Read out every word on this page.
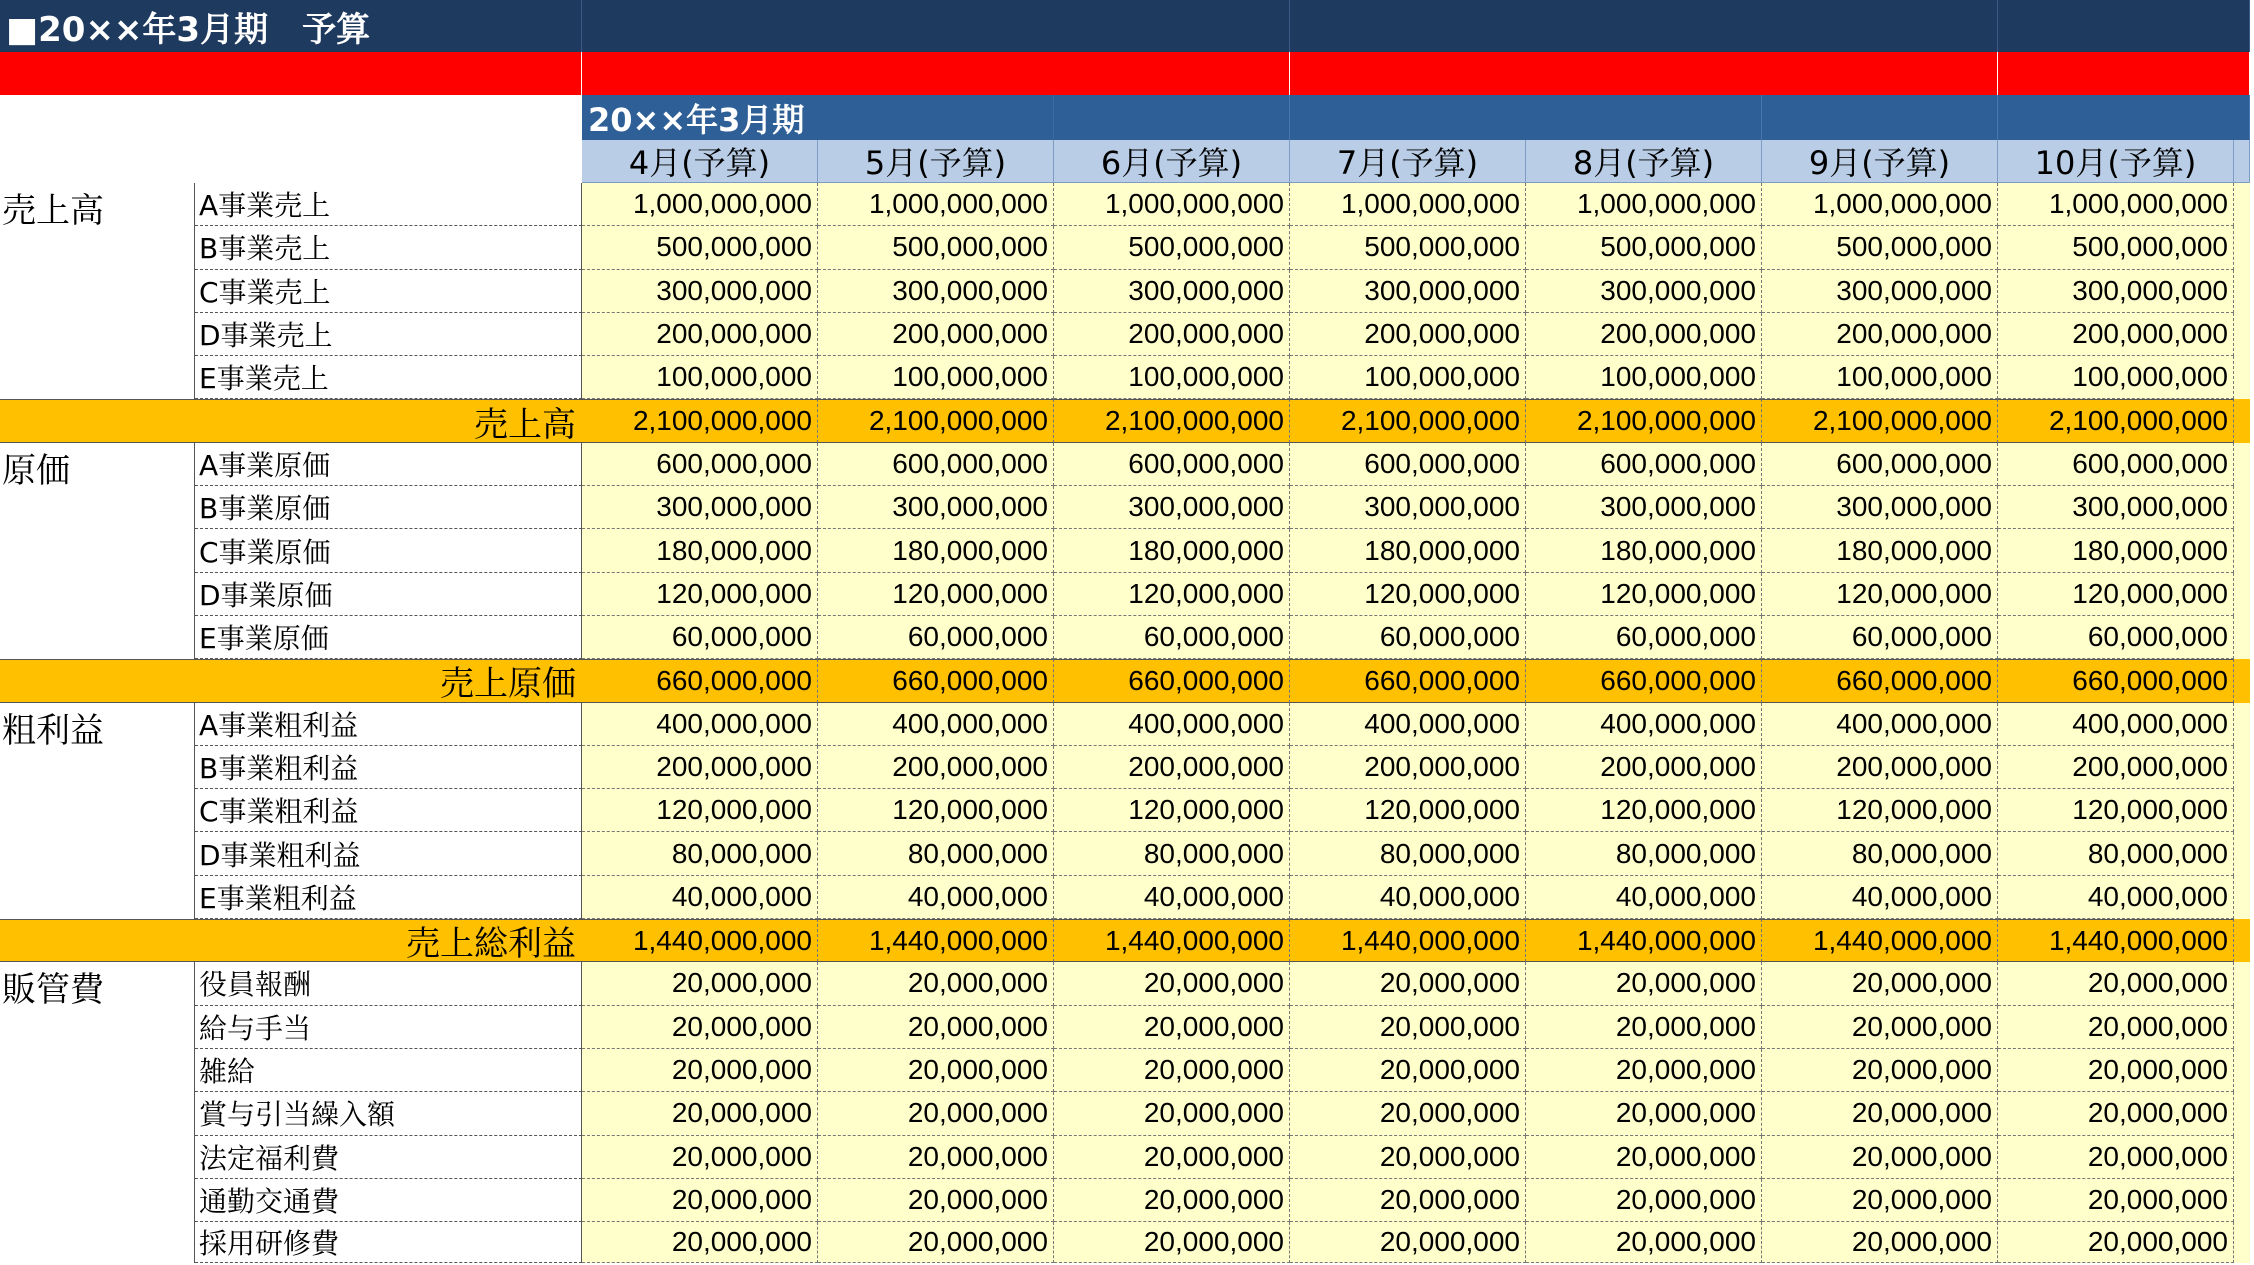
■20××年3月期　予算
20××年3月期
4月(予算)	5月(予算)	6月(予算)	7月(予算)	8月(予算)	9月(予算)	10月(予算)
売上高	A事業売上	1,000,000,000	1,000,000,000	1,000,000,000	1,000,000,000	1,000,000,000	1,000,000,000	1,000,000,000
B事業売上	500,000,000	500,000,000	500,000,000	500,000,000	500,000,000	500,000,000	500,000,000
C事業売上	300,000,000	300,000,000	300,000,000	300,000,000	300,000,000	300,000,000	300,000,000
D事業売上	200,000,000	200,000,000	200,000,000	200,000,000	200,000,000	200,000,000	200,000,000
E事業売上	100,000,000	100,000,000	100,000,000	100,000,000	100,000,000	100,000,000	100,000,000
売上高	2,100,000,000	2,100,000,000	2,100,000,000	2,100,000,000	2,100,000,000	2,100,000,000	2,100,000,000
原価	A事業原価	600,000,000	600,000,000	600,000,000	600,000,000	600,000,000	600,000,000	600,000,000
B事業原価	300,000,000	300,000,000	300,000,000	300,000,000	300,000,000	300,000,000	300,000,000
C事業原価	180,000,000	180,000,000	180,000,000	180,000,000	180,000,000	180,000,000	180,000,000
D事業原価	120,000,000	120,000,000	120,000,000	120,000,000	120,000,000	120,000,000	120,000,000
E事業原価	60,000,000	60,000,000	60,000,000	60,000,000	60,000,000	60,000,000	60,000,000
売上原価	660,000,000	660,000,000	660,000,000	660,000,000	660,000,000	660,000,000	660,000,000
粗利益	A事業粗利益	400,000,000	400,000,000	400,000,000	400,000,000	400,000,000	400,000,000	400,000,000
B事業粗利益	200,000,000	200,000,000	200,000,000	200,000,000	200,000,000	200,000,000	200,000,000
C事業粗利益	120,000,000	120,000,000	120,000,000	120,000,000	120,000,000	120,000,000	120,000,000
D事業粗利益	80,000,000	80,000,000	80,000,000	80,000,000	80,000,000	80,000,000	80,000,000
E事業粗利益	40,000,000	40,000,000	40,000,000	40,000,000	40,000,000	40,000,000	40,000,000
売上総利益	1,440,000,000	1,440,000,000	1,440,000,000	1,440,000,000	1,440,000,000	1,440,000,000	1,440,000,000
販管費	役員報酬	20,000,000	20,000,000	20,000,000	20,000,000	20,000,000	20,000,000	20,000,000
給与手当	20,000,000	20,000,000	20,000,000	20,000,000	20,000,000	20,000,000	20,000,000
雑給	20,000,000	20,000,000	20,000,000	20,000,000	20,000,000	20,000,000	20,000,000
賞与引当繰入額	20,000,000	20,000,000	20,000,000	20,000,000	20,000,000	20,000,000	20,000,000
法定福利費	20,000,000	20,000,000	20,000,000	20,000,000	20,000,000	20,000,000	20,000,000
通勤交通費	20,000,000	20,000,000	20,000,000	20,000,000	20,000,000	20,000,000	20,000,000
採用研修費	20,000,000	20,000,000	20,000,000	20,000,000	20,000,000	20,000,000	20,000,000
